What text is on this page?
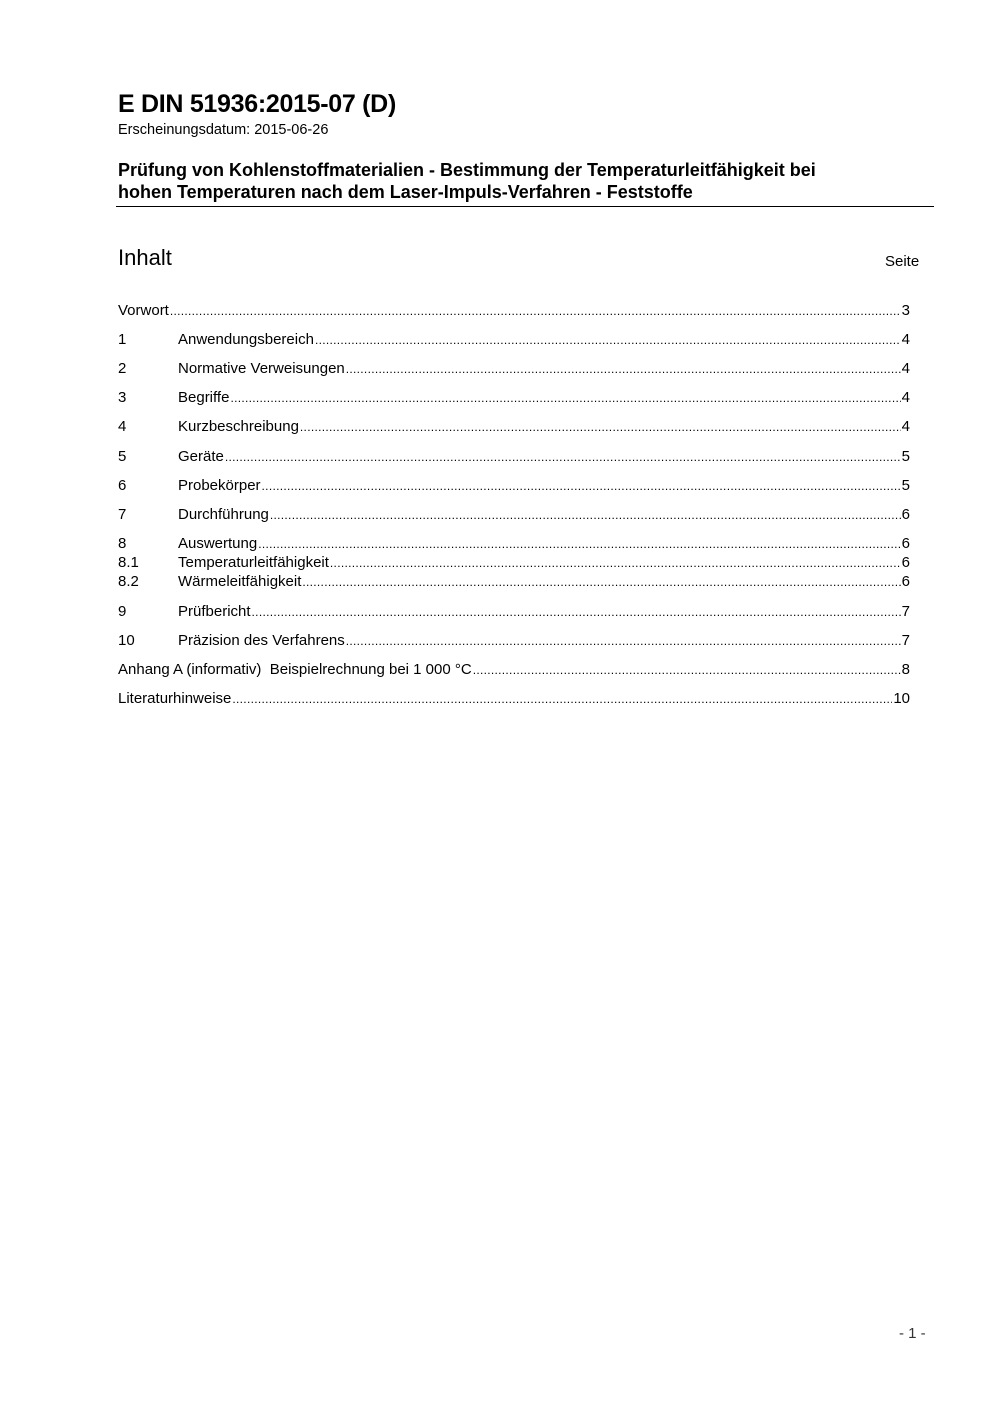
E DIN 51936:2015-07 (D)
Erscheinungsdatum: 2015-06-26
Prüfung von Kohlenstoffmaterialien - Bestimmung der Temperaturleitfähigkeit bei
hohen Temperaturen nach dem Laser-Impuls-Verfahren - Feststoffe
Inhalt	Seite
Vorwort .....	3
1	Anwendungsbereich .....	4
2	Normative Verweisungen .....	4
3	Begriffe .....	4
4	Kurzbeschreibung .....	4
5	Geräte .....	5
6	Probekörper .....	5
7	Durchführung .....	6
8	Auswertung .....	6
8.1	Temperaturleitfähigkeit .....	6
8.2	Wärmeleitfähigkeit .....	6
9	Prüfbericht .....	7
10	Präzision des Verfahrens .....	7
Anhang A (informativ)  Beispielrechnung bei 1 000 °C .....	8
Literaturhinweise .....	10
- 1 -
